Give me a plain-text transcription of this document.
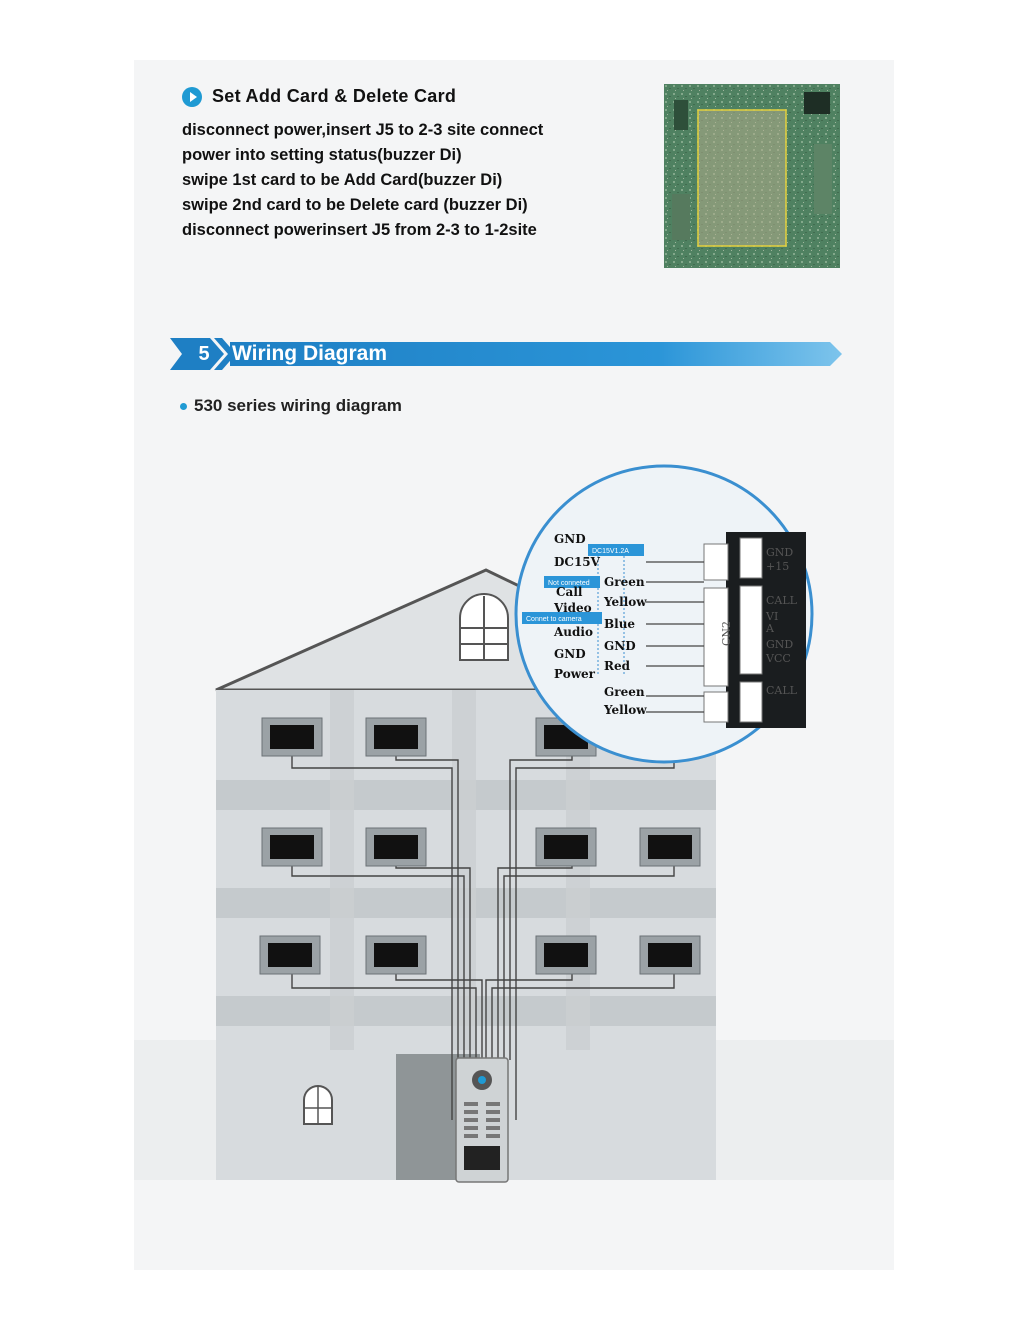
Set Add Card & Delete Card
disconnect power,insert J5 to 2-3 site connect
power into setting status(buzzer Di)
swipe 1st card to be Add Card(buzzer Di)
swipe 2nd card to be Delete card (buzzer Di)
disconnect powerinsert J5 from 2-3 to 1-2site
5	Wiring Diagram
530 series wiring diagram
DC15V1.2A
Not conneted
Connet to camera
GND
DC15V
Call
Video
Audio
GND
Power
Green
Yellow
Blue
GND
Red
Green
Yellow
GND
+15
CALL
VI
A
GND
VCC
CALL
CN2
